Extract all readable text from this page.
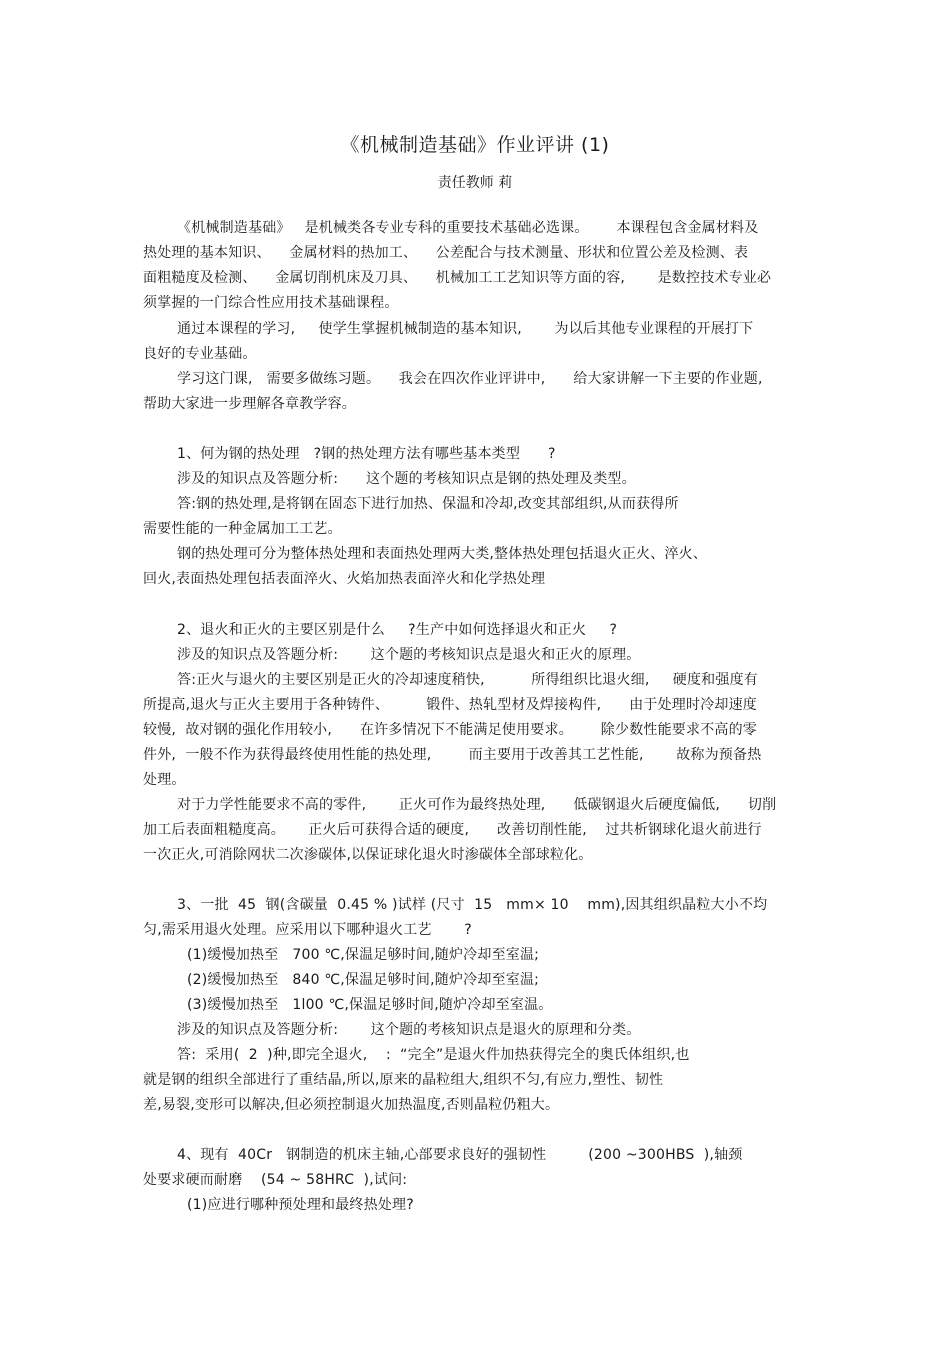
《机械制造基础》作业评讲 (1)
责任教师 莉
《机械制造基础》   是机械类各专业专科的重要技术基础必选课。      本课程包含金属材料及
热处理的基本知识、    金属材料的热加工、    公差配合与技术测量、形状和位置公差及检测、表
面粗糙度及检测、    金属切削机床及刀具、    机械加工工艺知识等方面的容,       是数控技术专业必
须掌握的一门综合性应用技术基础课程。
通过本课程的学习,     使学生掌握机械制造的基本知识,       为以后其他专业课程的开展打下
良好的专业基础。
学习这门课,   需要多做练习题。    我会在四次作业评讲中,      给大家讲解一下主要的作业题,
帮助大家进一步理解各章教学容。
1、何为钢的热处理   ?钢的热处理方法有哪些基本类型      ?
涉及的知识点及答题分析:      这个题的考核知识点是钢的热处理及类型。
答:钢的热处理,是将钢在固态下进行加热、保温和冷却,改变其部组织,从而获得所
需要性能的一种金属加工工艺。
钢的热处理可分为整体热处理和表面热处理两大类,整体热处理包括退火正火、淬火、
回火,表面热处理包括表面淬火、火焰加热表面淬火和化学热处理
2、退火和正火的主要区别是什么     ?生产中如何选择退火和正火     ?
涉及的知识点及答题分析:       这个题的考核知识点是退火和正火的原理。
答:正火与退火的主要区别是正火的冷却速度稍快,          所得组织比退火细,     硬度和强度有
所提高,退火与正火主要用于各种铸件、        锻件、热轧型材及焊接构件,      由于处理时冷却速度
较慢,  故对钢的强化作用较小,      在许多情况下不能满足使用要求。      除少数性能要求不高的零
件外,  一般不作为获得最终使用性能的热处理,        而主要用于改善其工艺性能,       故称为预备热
处理。
对于力学性能要求不高的零件,       正火可作为最终热处理,      低碳钢退火后硬度偏低,      切削
加工后表面粗糙度高。     正火后可获得合适的硬度,      改善切削性能,    过共析钢球化退火前进行
一次正火,可消除网状二次渗碳体,以保证球化退火时渗碳体全部球粒化。
3、一批  45  钢(含碳量  0.45 % )试样 (尺寸  15   mm× 10    mm),因其组织晶粒大小不均
匀,需采用退火处理。应采用以下哪种退火工艺       ?
(1)缓慢加热至   700 ℃,保温足够时间,随炉冷却至室温;
(2)缓慢加热至   840 ℃,保温足够时间,随炉冷却至室温;
(3)缓慢加热至   1l00 ℃,保温足够时间,随炉冷却至室温。
涉及的知识点及答题分析:       这个题的考核知识点是退火的原理和分类。
答:  采用(  2  )种,即完全退火,    :  “完全”是退火件加热获得完全的奥氏体组织,也
就是钢的组织全部进行了重结晶,所以,原来的晶粒组大,组织不匀,有应力,塑性、韧性
差,易裂,变形可以解决,但必须控制退火加热温度,否则晶粒仍粗大。
4、现有  40Cr   钢制造的机床主轴,心部要求良好的强韧性         (200 ~300HBS  ),轴颈
处要求硬而耐磨    (54 ~ 58HRC  ),试问:
(1)应进行哪种预处理和最终热处理?
